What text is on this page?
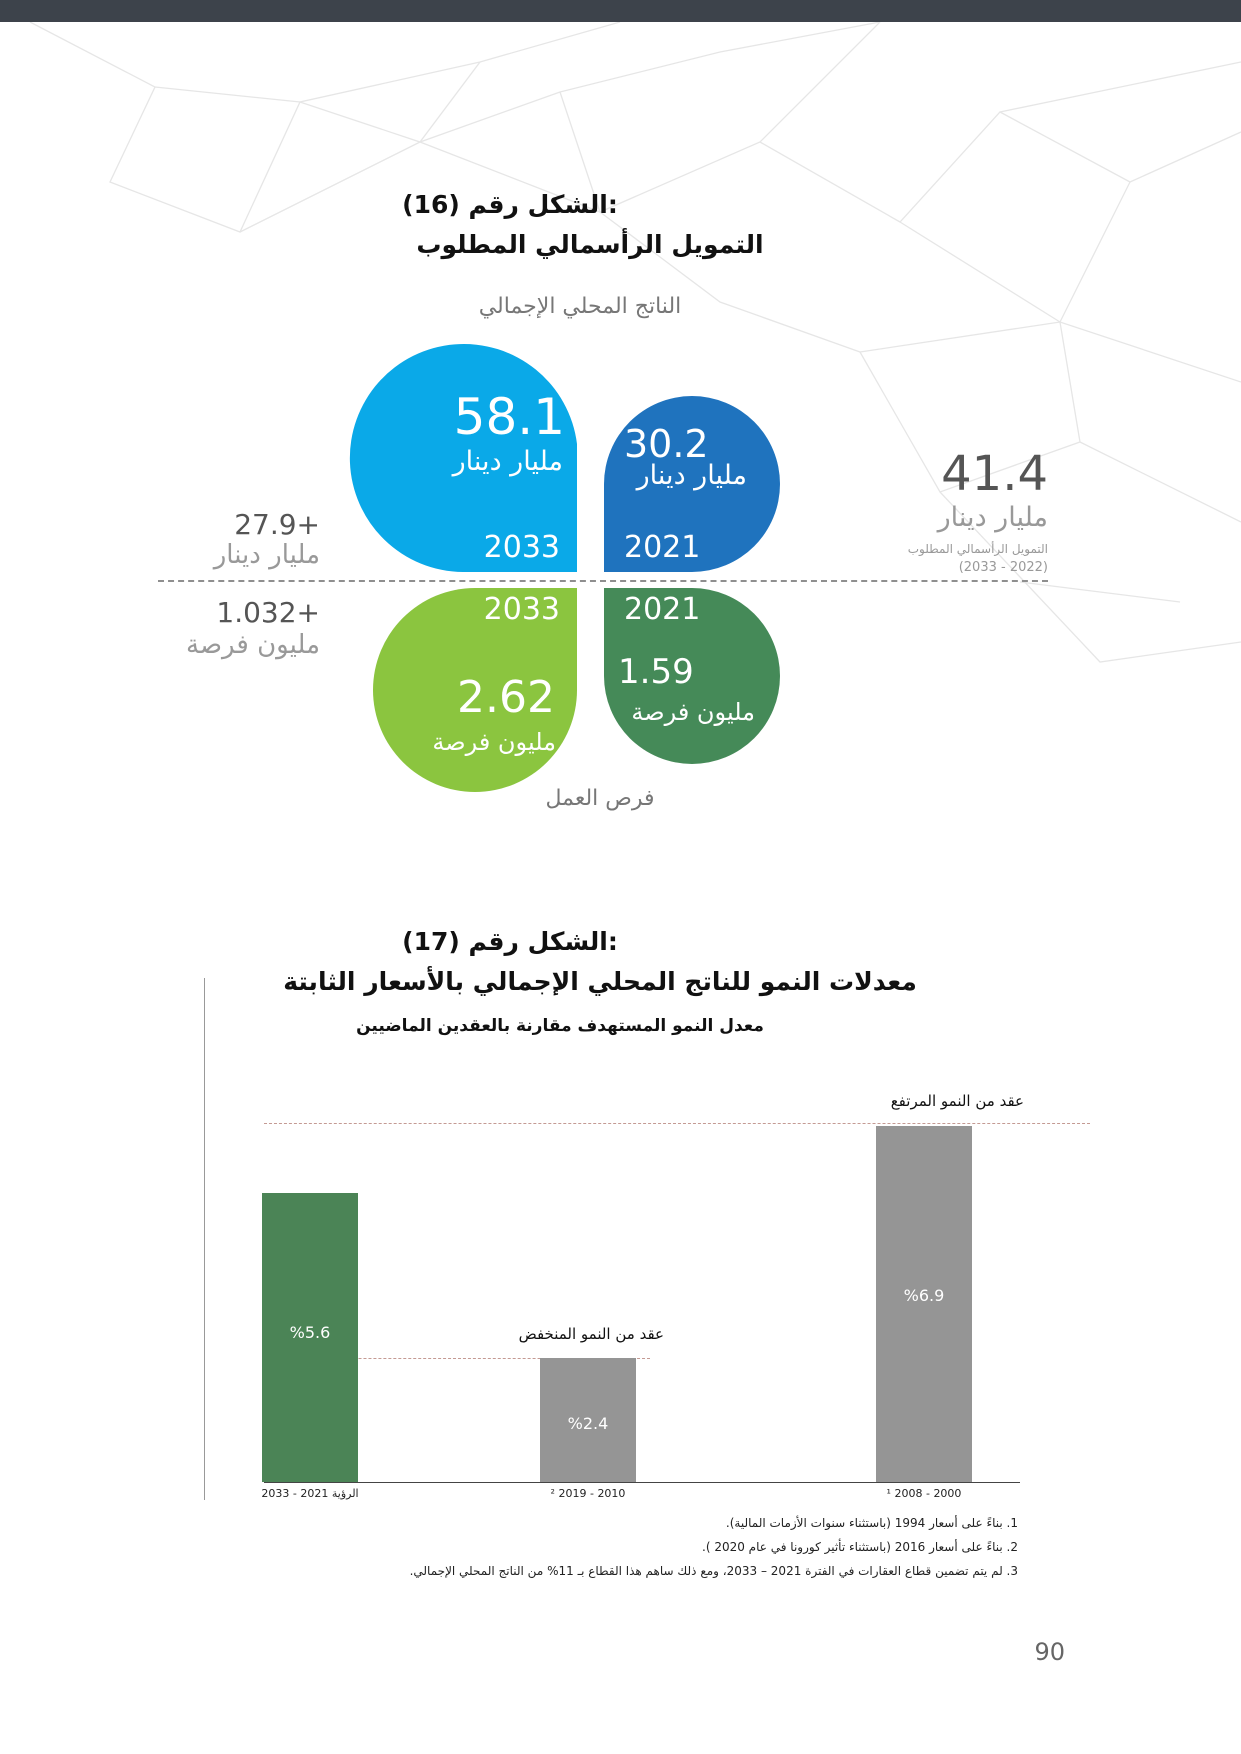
الشكل رقم (16):
التمويل الرأسمالي المطلوب
الناتج المحلي الإجمالي
58.1
مليار دينار
2033
30.2
مليار دينار
2021
2033
2.62
مليون فرصة
2021
1.59
مليون فرصة
27.9+
مليار دينار
1.032+
مليون فرصة
41.4
مليار دينار
التمويل الرأسمالي المطلوب
(2033 - 2022)
فرص العمل
الشكل رقم (17):
معدلات النمو للناتج المحلي الإجمالي بالأسعار الثابتة
معدل النمو المستهدف مقارنة بالعقدين الماضيين
عقد من النمو المرتفع
عقد من النمو المنخفض
%5.6
الرؤية 2021 - 2033
%2.4
2010 - 2019 ²
%6.9
2000 - 2008 ¹
1. بناءً على أسعار 1994 (باستثناء سنوات الأزمات المالية).
2. بناءً على أسعار 2016 (باستثناء تأثير كورونا في عام 2020 ).
3. لم يتم تضمين قطاع العقارات في الفترة 2021 – 2033، ومع ذلك ساهم هذا القطاع بـ 11% من الناتج المحلي الإجمالي.
90
